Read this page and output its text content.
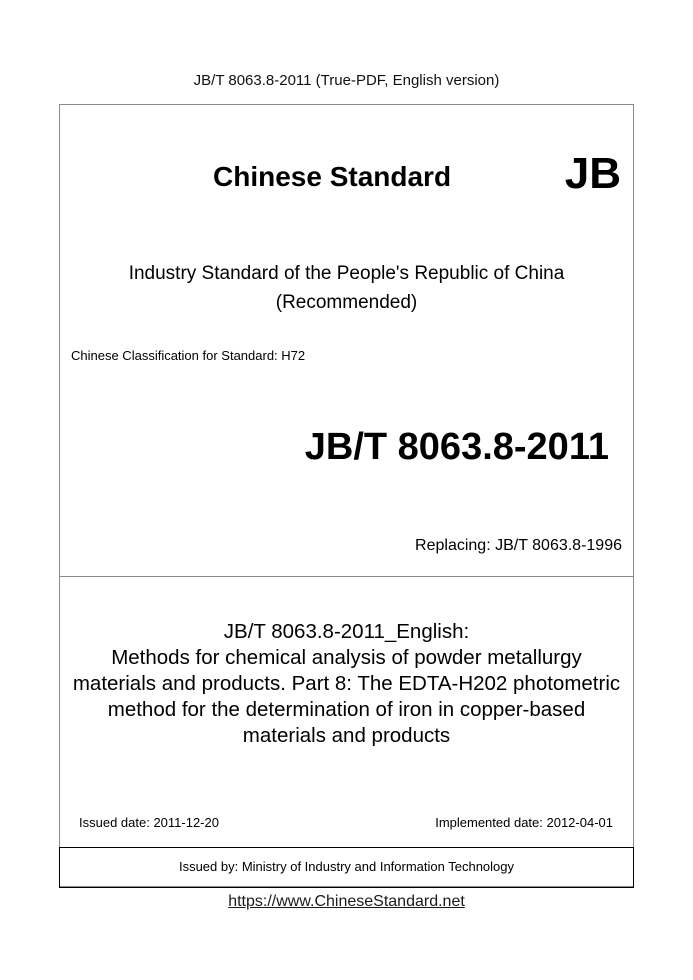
JB/T 8063.8-2011 (True-PDF, English version)
Chinese Standard	JB
Industry Standard of the People's Republic of China
(Recommended)
Chinese Classification for Standard: H72
JB/T 8063.8-2011
Replacing: JB/T 8063.8-1996
JB/T 8063.8-2011_English:
Methods for chemical analysis of powder metallurgy
materials and products. Part 8: The EDTA-H202 photometric
method for the determination of iron in copper-based
materials and products
Issued date: 2011-12-20	Implemented date: 2012-04-01
Issued by: Ministry of Industry and Information Technology
https://www.ChineseStandard.net
